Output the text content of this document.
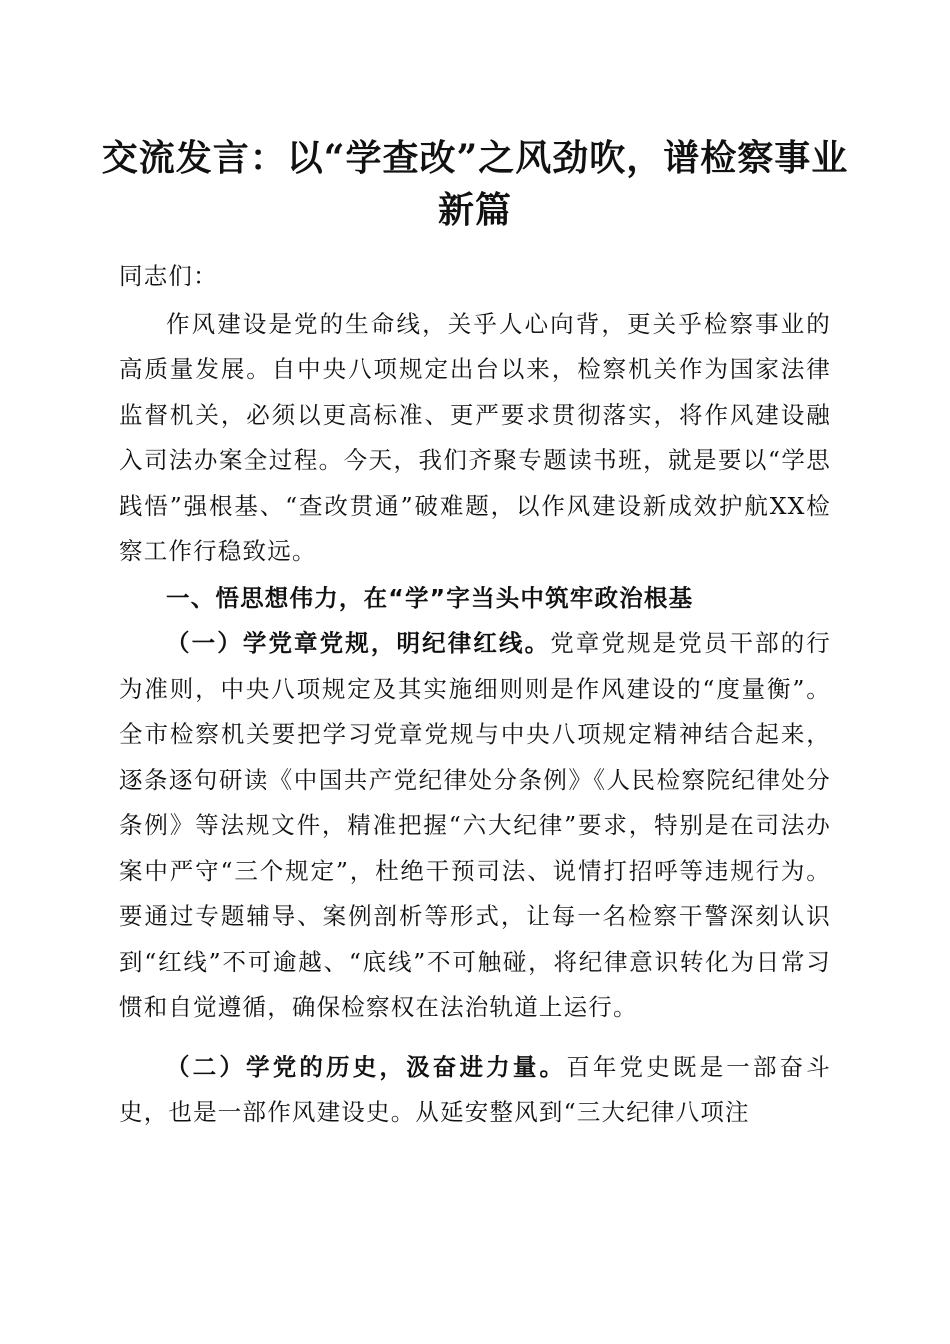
交流发言：以“学查改”之风劲吹，谱检察事业新篇

同志们：

作风建设是党的生命线，关乎人心向背，更关乎检察事业的高质量发展。自中央八项规定出台以来，检察机关作为国家法律监督机关，必须以更高标准、更严要求贯彻落实，将作风建设融入司法办案全过程。今天，我们齐聚专题读书班，就是要以“学思践悟”强根基、“查改贯通”破难题，以作风建设新成效护航XX检察工作行稳致远。

一、悟思想伟力，在“学”字当头中筑牢政治根基

（一）学党章党规，明纪律红线。党章党规是党员干部的行为准则，中央八项规定及其实施细则则是作风建设的“度量衡”。全市检察机关要把学习党章党规与中央八项规定精神结合起来，逐条逐句研读《中国共产党纪律处分条例》《人民检察院纪律处分条例》等法规文件，精准把握“六大纪律”要求，特别是在司法办案中严守“三个规定”，杜绝干预司法、说情打招呼等违规行为。要通过专题辅导、案例剖析等形式，让每一名检察干警深刻认识到“红线”不可逾越、“底线”不可触碰，将纪律意识转化为日常习惯和自觉遵循，确保检察权在法治轨道上运行。

（二）学党的历史，汲奋进力量。百年党史既是一部奋斗史，也是一部作风建设史。从延安整风到“三大纪律八项注
